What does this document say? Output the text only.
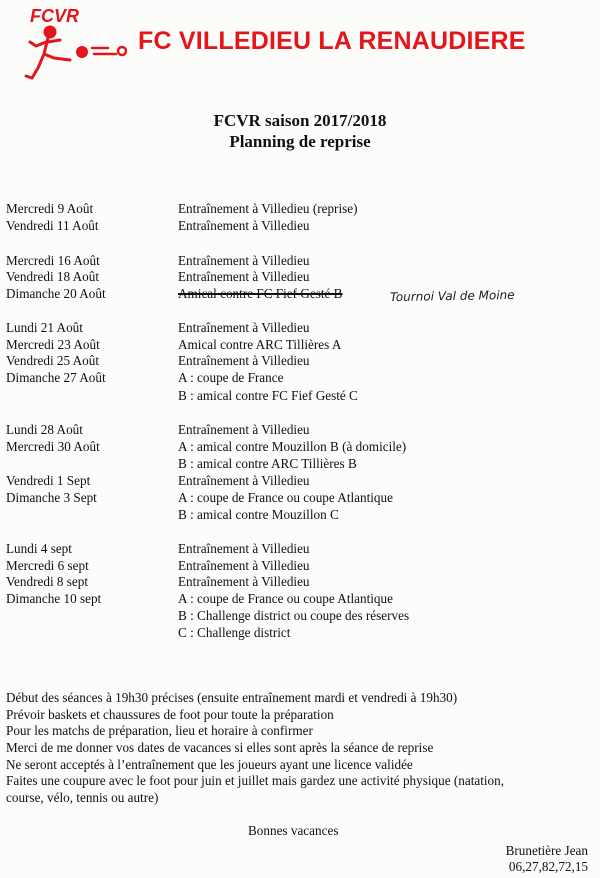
FCVR
FC VILLEDIEU LA RENAUDIERE
FCVR saison 2017/2018
Planning de reprise
Mercredi 9 Août	Entraînement à Villedieu (reprise)
Vendredi 11 Août	Entraînement à Villedieu
Mercredi 16 Août	Entraînement à Villedieu
Vendredi 18 Août	Entraînement à Villedieu
Dimanche 20 Août	Amical contre FC Fief Gesté B
Lundi 21 Août	Entraînement à Villedieu
Mercredi 23 Août	Amical contre ARC Tillières A
Vendredi 25 Août	Entraînement à Villedieu
Dimanche 27 Août	A : coupe de France
B : amical contre FC Fief Gesté C
Lundi 28 Août	Entraînement à Villedieu
Mercredi 30 Août	A : amical contre Mouzillon B (à domicile)
B : amical contre ARC Tillières B
Vendredi 1 Sept	Entraînement à Villedieu
Dimanche 3 Sept	A : coupe de France ou coupe Atlantique
B : amical contre Mouzillon C
Lundi 4 sept	Entraînement à Villedieu
Mercredi 6 sept	Entraînement à Villedieu
Vendredi 8 sept	Entraînement à Villedieu
Dimanche 10 sept	A : coupe de France ou coupe Atlantique
B : Challenge district ou coupe des réserves
C : Challenge district
Tournoi Val de Moine
Début des séances à 19h30 précises (ensuite entraînement mardi et vendredi à 19h30)
Prévoir baskets et chaussures de foot pour toute la préparation
Pour les matchs de préparation, lieu et horaire à confirmer
Merci de me donner vos dates de vacances si elles sont après la séance de reprise
Ne seront acceptés à l’entraînement que les joueurs ayant une licence validée
Faites une coupure avec le foot pour juin et juillet mais gardez une activité physique (natation,
course, vélo, tennis ou autre)
Bonnes vacances
Brunetière Jean
06,27,82,72,15
